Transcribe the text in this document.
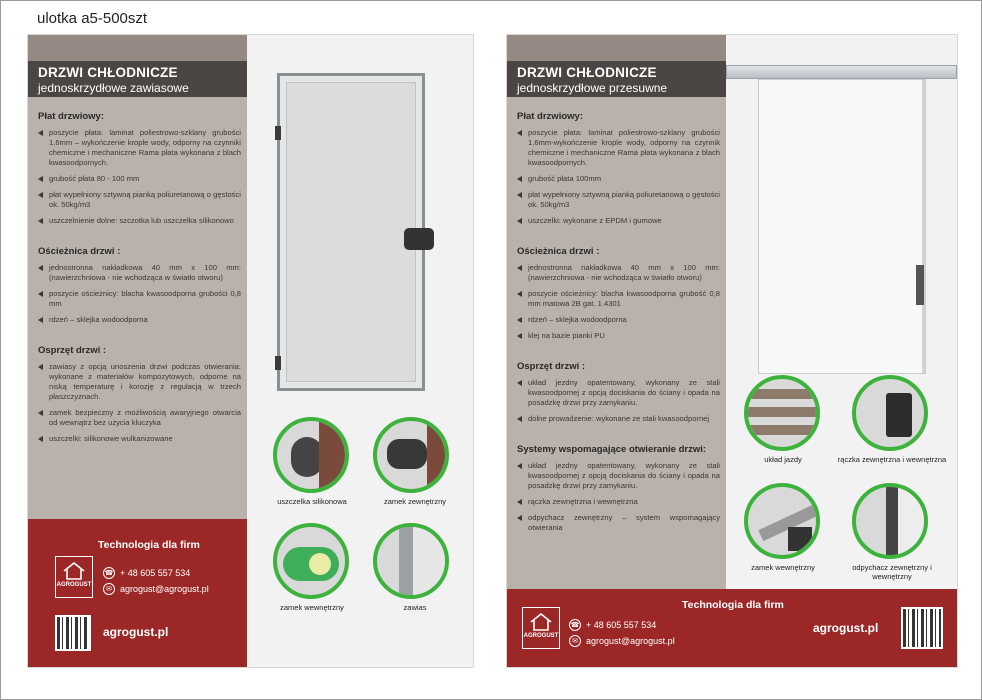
ulotka a5-500szt
DRZWI CHŁODNICZE
jednoskrzydłowe zawiasowe
Płat drzwiowy:
poszycie płata: laminat poliestrowo-szklany grubości 1,6mm – wykończenie krople wody, odporny na czynniki chemiczne i mechaniczne Rama płata wykonana z blach kwasoodpornych.
grubość płata 80 - 100 mm
płat wypełniony sztywną pianką poliuretanową o gęstości ok. 50kg/m3
uszczelnienie dolne: szczotka lub uszczelka silikonowo
Ościeżnica drzwi :
jednostronna nakładkowa 40 mm x 100 mm: (nawierzchniowa - nie wchodząca w światło otworu)
poszycie ościeżnicy: blacha kwasoodporna grubości 0,8 mm
rdzeń – sklejka wodoodporna
Osprzęt drzwi :
zawiasy z opcją unoszenia drzwi podczas otwierania: wykonane z materiałów kompozytowych, odporne na niską temperaturę i korozję z regulacją w trzech płaszczyznach.
zamek bezpieczny z możliwością awaryjnego otwarcia od wewnątrz bez użycia kluczyka
uszczelki: silikonowe wulkanizowane
Technologia dla firm
AGROGUST
☎ + 48 605 557 534
✉ agrogust@agrogust.pl
agrogust.pl
uszczelka silikonowa	zamek zewnętrzny
zamek wewnętrzny	zawias
DRZWI CHŁODNICZE
jednoskrzydłowe przesuwne
Płat drzwiowy:
poszycie płata: laminat poliestrowo-szklany grubości 1,6mm-wykończenie krople wody, odporny na czynnik chemiczne i mechaniczne Rama płata wykonana z blach kwasoodpornych.
grubość płata 100mm
płat wypełniony sztywną pianką poliuretanową o gęstości ok. 50kg/m3
uszczelki: wykonane z EPDM i gumowe
Ościeżnica drzwi :
jednostronna nakładkowa 40 mm x 100 mm: (nawierzchniowa - nie wchodząca w światło otworu)
poszycie ościeżnicy: blacha kwasoodporna grubość 0,8 mm matowa 2B gat. 1.4301
rdzeń – sklejka wodoodporna
klej na bazie pianki PU
Osprzęt drzwi :
układ jezdny opatentowany, wykonany ze stali kwasoodpornej z opcją dociskania do ściany i opada na posadzkę drzwi przy zamykaniu.
dolne prowadzenie: wykonane ze stali kwasoodpornej
Systemy wspomagające otwieranie drzwi:
układ jezdny opatentowany, wykonany ze stali kwasoodpornej z opcją dociskania do ściany i opada na posadzkę drzwi przy zamykaniu.
rączka zewnętrzna i wewnętrzna
odpychacz zewnętrzny – system wspomagający otwierania
układ jazdy	rączka zewnętrzna i wewnętrzna
zamek wewnętrzny	odpychacz zewnętrzny i wewnętrzny
AGROGUST
Technologia dla firm
☎ + 48 605 557 534
✉ agrogust@agrogust.pl
agrogust.pl
